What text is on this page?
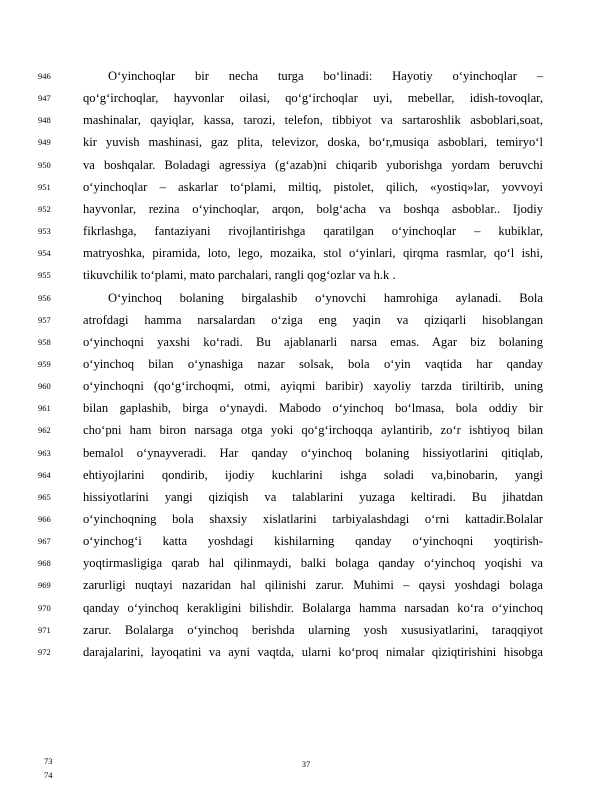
946	O‘yinchoqlar bir necha turga bo‘linadi: Hayotiy o‘yinchoqlar –
947	qo‘g‘irchoqlar, hayvonlar oilasi, qo‘g‘irchoqlar uyi, mebellar, idish-tovoqlar,
948	mashinalar, qayiqlar, kassa, tarozi, telefon, tibbiyot va sartaroshlik asboblari,soat,
949	kir yuvish mashinasi, gaz plita, televizor, doska, bo‘r,musiqa asboblari, temiryo‘l
950	va boshqalar. Boladagi agressiya (g‘azab)ni chiqarib yuborishga yordam beruvchi
951	o‘yinchoqlar – askarlar to‘plami, miltiq, pistolet, qilich, «yostiq»lar, yovvoyi
952	hayvonlar, rezina o‘yinchoqlar, arqon, bolg‘acha va boshqa asboblar.. Ijodiy
953	fikrlashga, fantaziyani rivojlantirishga qaratilgan o‘yinchoqlar – kubiklar,
954	matryoshka, piramida, loto, lego, mozaika, stol o‘yinlari, qirqma rasmlar, qo‘l ishi,
955	tikuvchilik to‘plami, mato parchalari, rangli qog‘ozlar va h.k .
956	O‘yinchoq bolaning birgalashib o‘ynovchi hamrohiga aylanadi. Bola
957	atrofdagi hamma narsalardan o‘ziga eng yaqin va qiziqarli hisoblangan
958	o‘yinchoqni yaxshi ko‘radi. Bu ajablanarli narsa emas. Agar biz bolaning
959	o‘yinchoq bilan o‘ynashiga nazar solsak, bola o‘yin vaqtida har qanday
960	o‘yinchoqni (qo‘g‘irchoqmi, otmi, ayiqmi baribir) xayoliy tarzda tiriltirib, uning
961	bilan gaplashib, birga o‘ynaydi. Mabodo o‘yinchoq bo‘lmasa, bola oddiy bir
962	cho‘pni ham biron narsaga otga yoki qo‘g‘irchoqqa aylantirib, zo‘r ishtiyoq bilan
963	bemalol o‘ynayveradi. Har qanday o‘yinchoq bolaning hissiyotlarini qitiqlab,
964	ehtiyojlarini qondirib, ijodiy kuchlarini ishga soladi va,binobarin, yangi
965	hissiyotlarini yangi qiziqish va talablarini yuzaga keltiradi. Bu jihatdan
966	o‘yinchoqning bola shaxsiy xislatlarini tarbiyalashdagi o‘rni kattadir.Bolalar
967	o‘yinchog‘i katta yoshdagi kishilarning qanday o‘yinchoqni yoqtirish-
968	yoqtirmasligiga qarab hal qilinmaydi, balki bolaga qanday o‘yinchoq yoqishi va
969	zarurligi nuqtayi nazaridan hal qilinishi zarur. Muhimi – qaysi yoshdagi bolaga
970	qanday o‘yinchoq kerakligini bilishdir. Bolalarga hamma narsadan ko‘ra o‘yinchoq
971	zarur. Bolalarga o‘yinchoq berishda ularning yosh xususiyatlarini, taraqqiyot
972	darajalarini, layoqatini va ayni vaqtda, ularni ko‘proq nimalar qiziqtirishini hisobga
73
74
37
